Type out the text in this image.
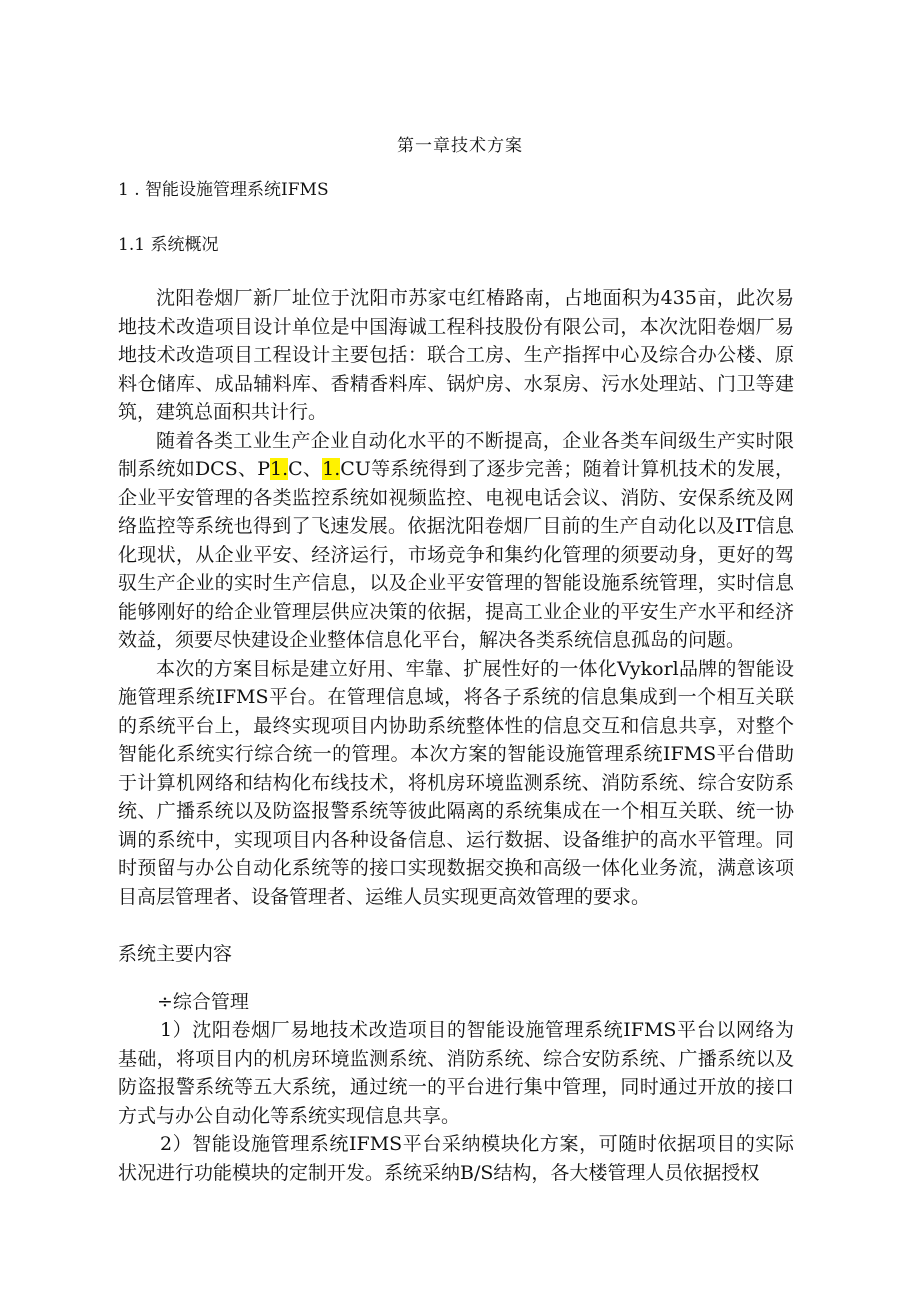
第一章技术方案
1 . 智能设施管理系统IFMS
1.1 系统概况

沈阳卷烟厂新厂址位于沈阳市苏家屯红椿路南，占地面积为435亩，此次易地技术改造项目设计单位是中国海诚工程科技股份有限公司，本次沈阳卷烟厂易地技术改造项目工程设计主要包括：联合工房、生产指挥中心及综合办公楼、原料仓储库、成品辅料库、香精香料库、锅炉房、水泵房、污水处理站、门卫等建筑，建筑总面积共计行。

随着各类工业生产企业自动化水平的不断提高，企业各类车间级生产实时限制系统如DCS、P1.C、1.CU等系统得到了逐步完善；随着计算机技术的发展，企业平安管理的各类监控系统如视频监控、电视电话会议、消防、安保系统及网络监控等系统也得到了飞速发展。依据沈阳卷烟厂目前的生产自动化以及IT信息化现状，从企业平安、经济运行，市场竞争和集约化管理的须要动身，更好的驾驭生产企业的实时生产信息，以及企业平安管理的智能设施系统管理，实时信息能够刚好的给企业管理层供应决策的依据，提高工业企业的平安生产水平和经济效益，须要尽快建设企业整体信息化平台，解决各类系统信息孤岛的问题。

本次的方案目标是建立好用、牢靠、扩展性好的一体化Vykorl品牌的智能设施管理系统IFMS平台。在管理信息域，将各子系统的信息集成到一个相互关联的系统平台上，最终实现项目内协助系统整体性的信息交互和信息共享，对整个智能化系统实行综合统一的管理。本次方案的智能设施管理系统IFMS平台借助于计算机网络和结构化布线技术，将机房环境监测系统、消防系统、综合安防系统、广播系统以及防盗报警系统等彼此隔离的系统集成在一个相互关联、统一协调的系统中，实现项目内各种设备信息、运行数据、设备维护的高水平管理。同时预留与办公自动化系统等的接口实现数据交换和高级一体化业务流，满意该项目高层管理者、设备管理者、运维人员实现更高效管理的要求。

系统主要内容
÷综合管理

1）沈阳卷烟厂易地技术改造项目的智能设施管理系统IFMS平台以网络为基础，将项目内的机房环境监测系统、消防系统、综合安防系统、广播系统以及防盗报警系统等五大系统，通过统一的平台进行集中管理，同时通过开放的接口方式与办公自动化等系统实现信息共享。

2）智能设施管理系统IFMS平台采纳模块化方案，可随时依据项目的实际状况进行功能模块的定制开发。系统采纳B/S结构，各大楼管理人员依据授权
